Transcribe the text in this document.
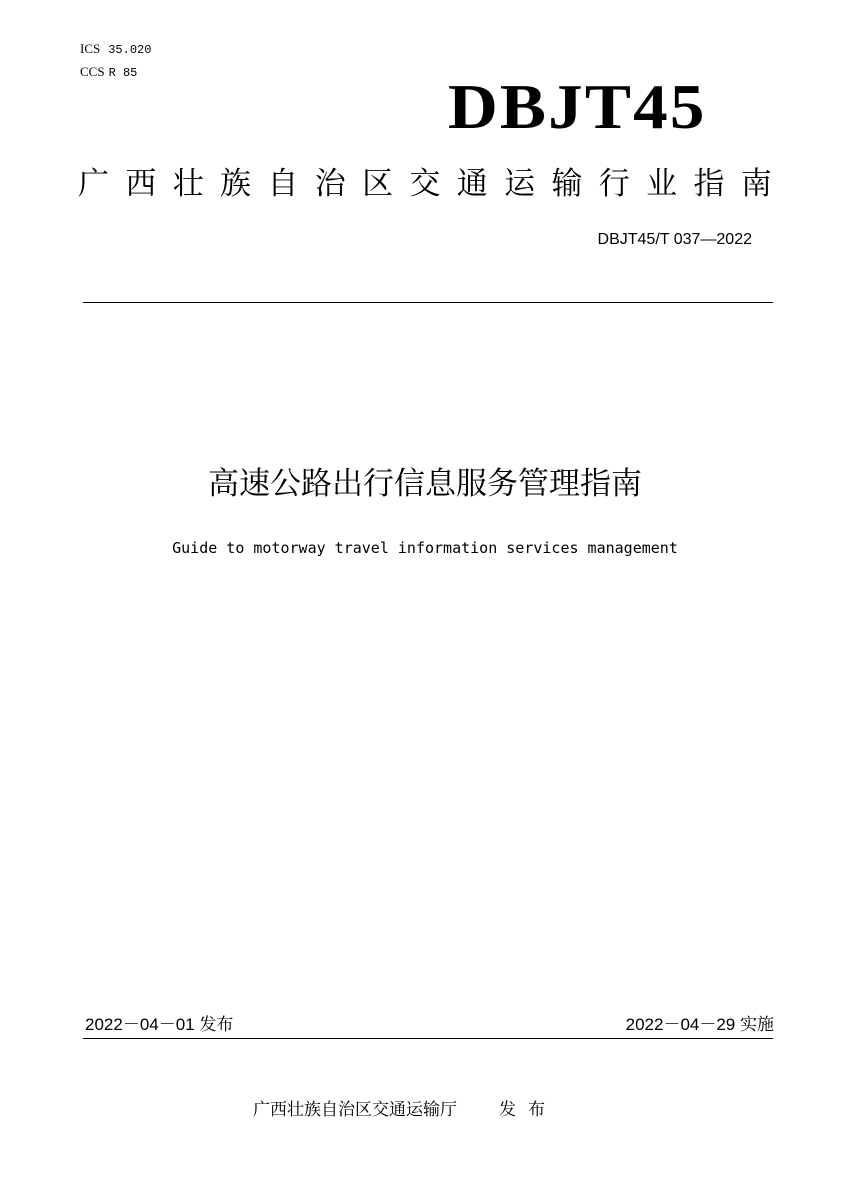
ICS 35.020
CCS R 85	DBJT45
广 西 壮 族 自 治 区 交 通 运 输 行 业 指 南
DBJT45/T 037—2022
高速公路出行信息服务管理指南
Guide to motorway travel information services management
2022－04－01 发布	2022－04－29 实施
广西壮族自治区交通运输厅 发布
